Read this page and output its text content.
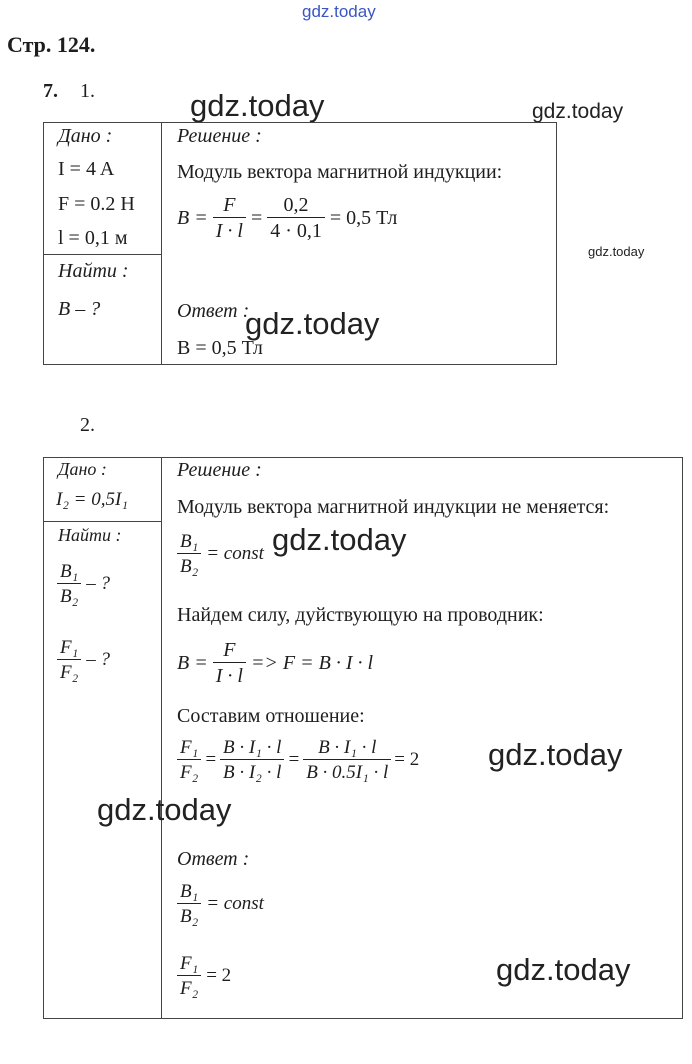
gdz.today
gdz.today	gdz.today
gdz.today
gdz.today
gdz.today
gdz.today
gdz.today
gdz.today
Стр. 124.
7. 1.
Дано :
I = 4 A
F = 0.2 Н
l = 0,1 м
Найти :
B – ?
Решение :
Модуль вектора магнитной индукции:
$B = \frac{F}{I \cdot l} = \frac{0,2}{4 \cdot 0,1} = 0,5$ Тл
Ответ :
B = 0,5 Тл
2.
Дано :
I₂ = 0,5I₁
Найти :
$\frac{\text{B₁}}{\text{B₂}}$ – ?
$\frac{\text{F₁}}{\text{F₂}}$ – ?
Решение :
Модуль вектора магнитной индукции не меняется:
$\frac{\text{B₁}}{\text{B₂}}$ = const
Найдем силу, дуйствующую на проводник:
$B = \frac{F}{I \cdot l} => F = B \cdot I \cdot l$
Составим отношение:
$\frac{\text{F₁}}{\text{F₂}} = \frac{\text{B · I₁ · l}}{\text{B · I₂ · l}} = \frac{\text{B · I₁ · l}}{\text{B · 0.5I₁ · l}} = 2$
Ответ :
$\frac{\text{B₁}}{\text{B₂}}$ = const
$\frac{\text{F₁}}{\text{F₂}} = 2$
